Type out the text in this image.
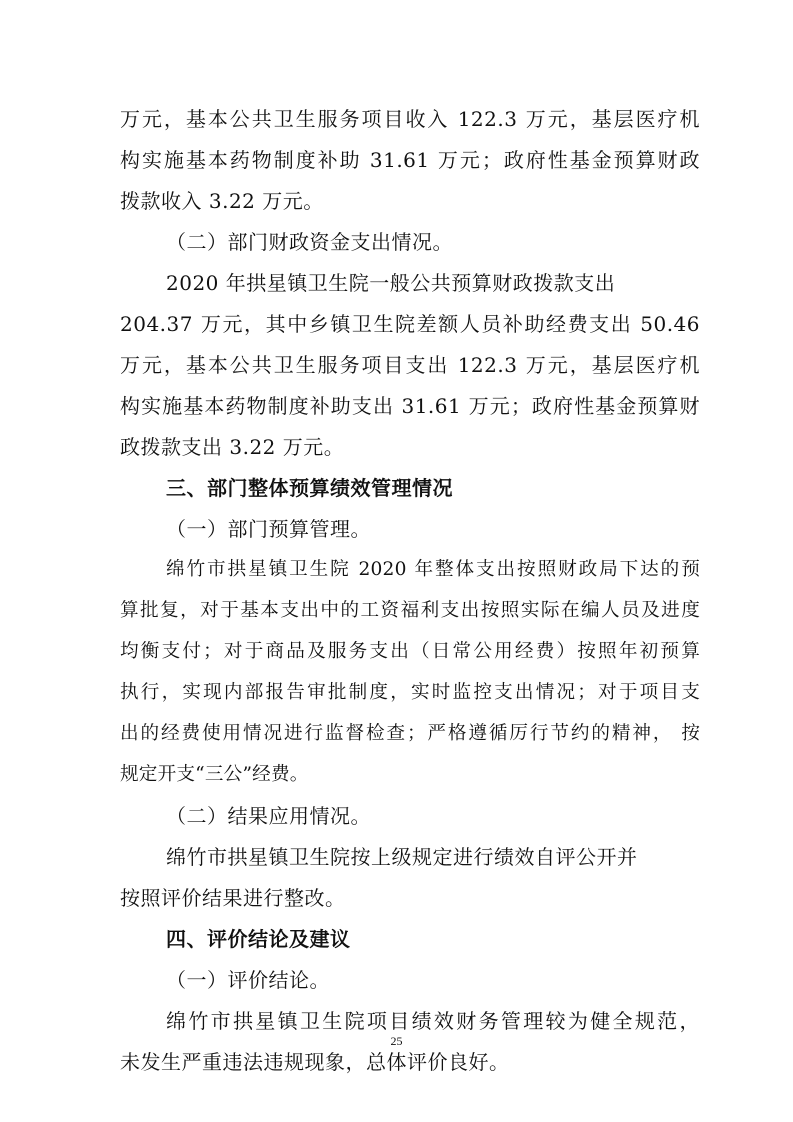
万元，基本公共卫生服务项目收入 122.3 万元，基层医疗机
构实施基本药物制度补助 31.61 万元；政府性基金预算财政
拨款收入 3.22 万元。
（二）部门财政资金支出情况。
2020 年拱星镇卫生院一般公共预算财政拨款支出
204.37 万元，其中乡镇卫生院差额人员补助经费支出 50.46
万元，基本公共卫生服务项目支出 122.3 万元，基层医疗机
构实施基本药物制度补助支出 31.61 万元；政府性基金预算财
政拨款支出 3.22 万元。
三、部门整体预算绩效管理情况
（一）部门预算管理。
绵竹市拱星镇卫生院 2020 年整体支出按照财政局下达的预
算批复，对于基本支出中的工资福利支出按照实际在编人员及进度
均衡支付；对于商品及服务支出（日常公用经费）按照年初预算
执行，实现内部报告审批制度，实时监控支出情况；对于项目支
出的经费使用情况进行监督检查；严格遵循厉行节约的精神， 按
规定开支“三公”经费。
（二）结果应用情况。
绵竹市拱星镇卫生院按上级规定进行绩效自评公开并
按照评价结果进行整改。
四、评价结论及建议
（一）评价结论。
绵竹市拱星镇卫生院项目绩效财务管理较为健全规范，
未发生严重违法违规现象，总体评价良好。
25
